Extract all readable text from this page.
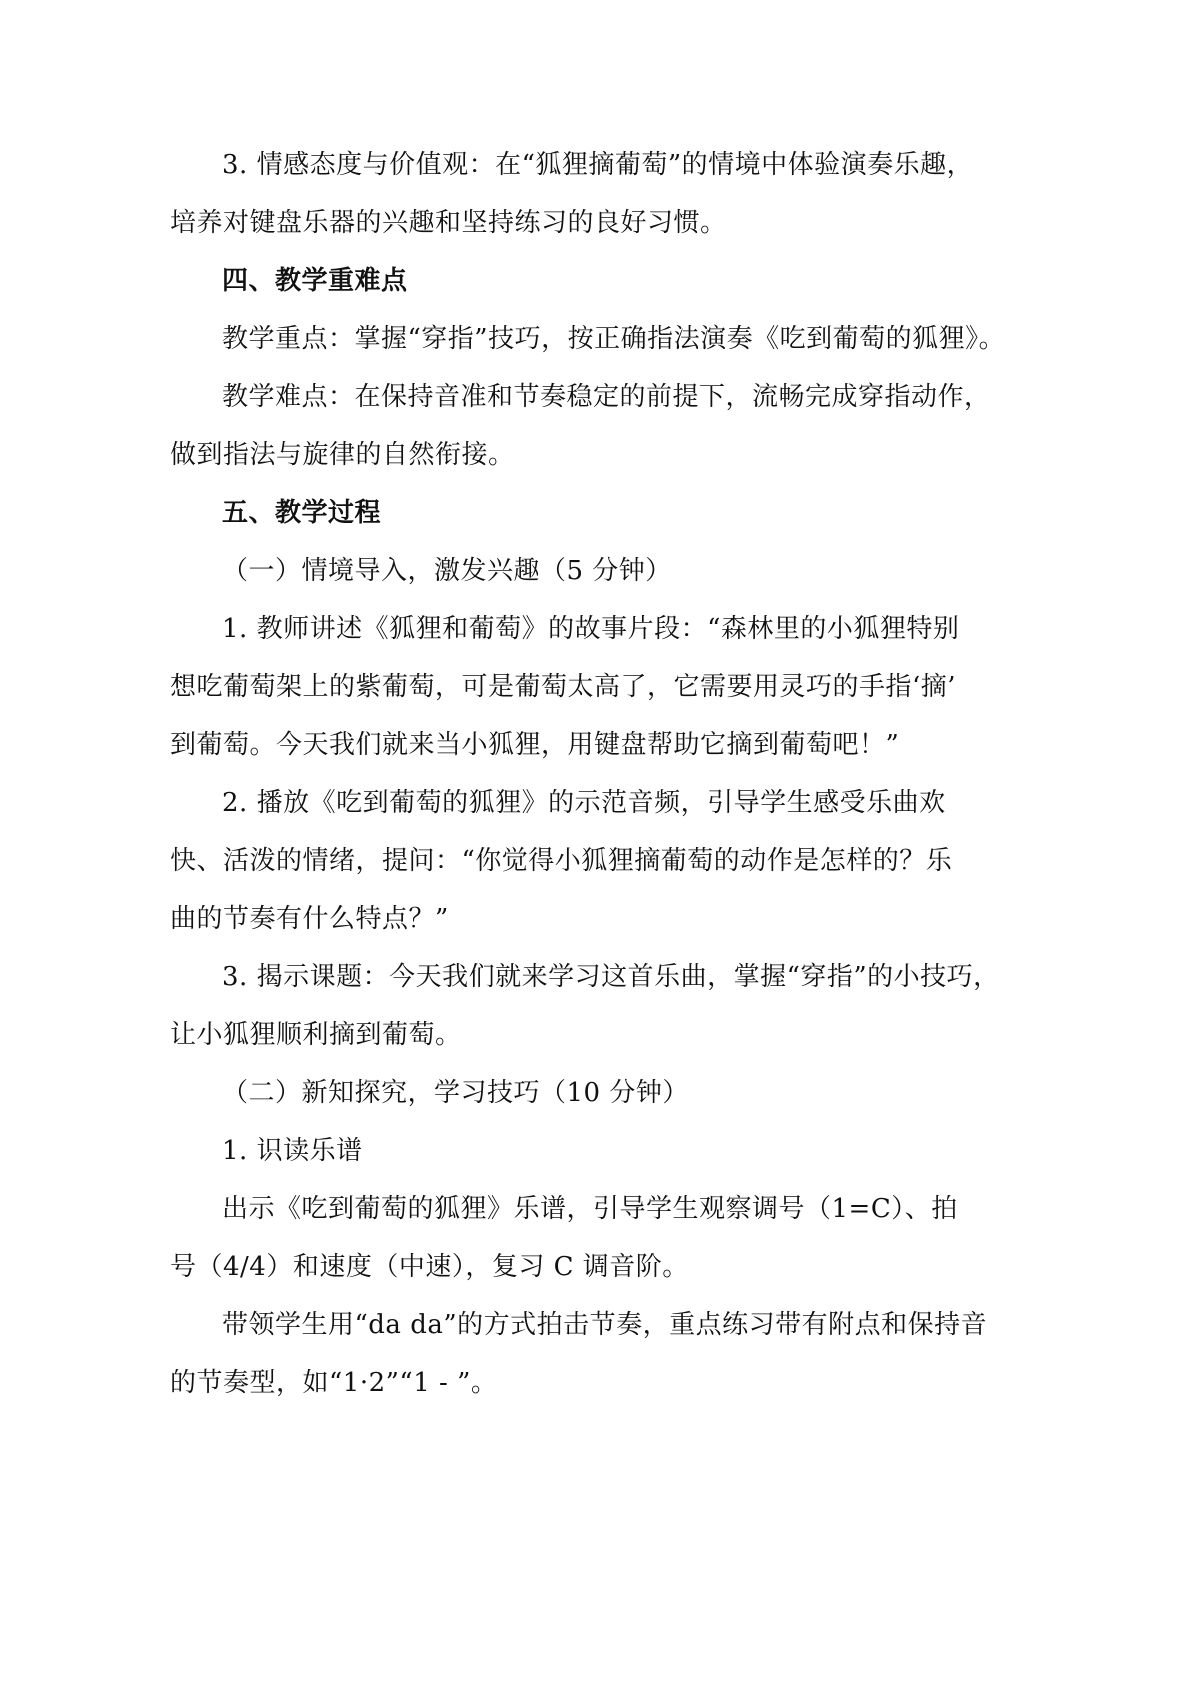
3. 情感态度与价值观：在“狐狸摘葡萄”的情境中体验演奏乐趣，
培养对键盘乐器的兴趣和坚持练习的良好习惯。
四、教学重难点
教学重点：掌握“穿指”技巧，按正确指法演奏《吃到葡萄的狐狸》。
教学难点：在保持音准和节奏稳定的前提下，流畅完成穿指动作，
做到指法与旋律的自然衔接。
五、教学过程
（一）情境导入，激发兴趣（5 分钟）
1. 教师讲述《狐狸和葡萄》的故事片段：“森林里的小狐狸特别
想吃葡萄架上的紫葡萄，可是葡萄太高了，它需要用灵巧的手指‘摘’
到葡萄。今天我们就来当小狐狸，用键盘帮助它摘到葡萄吧！”
2. 播放《吃到葡萄的狐狸》的示范音频，引导学生感受乐曲欢
快、活泼的情绪，提问：“你觉得小狐狸摘葡萄的动作是怎样的？乐
曲的节奏有什么特点？”
3. 揭示课题：今天我们就来学习这首乐曲，掌握“穿指”的小技巧，
让小狐狸顺利摘到葡萄。
（二）新知探究，学习技巧（10 分钟）
1. 识读乐谱
出示《吃到葡萄的狐狸》乐谱，引导学生观察调号（1=C）、拍
号（4/4）和速度（中速），复习 C 调音阶。
带领学生用“da da”的方式拍击节奏，重点练习带有附点和保持音
的节奏型，如“1·2”“1 - ”。
